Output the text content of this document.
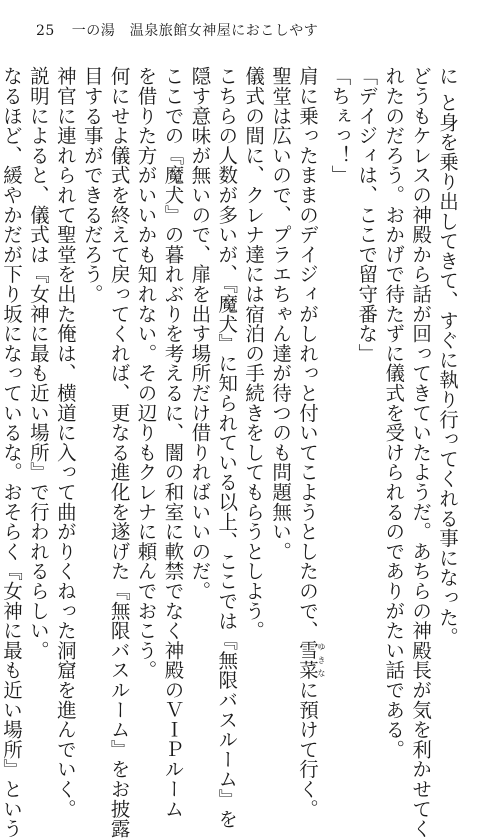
25 一の湯　温泉旅館女神屋におこしやす
に と身を乗り出してきて、すぐに執り行ってくれる事になった。
どうもケレスの神殿から話が回ってきていたようだ。あちらの神殿長が気を利かせてく
れたのだろう。おかげで待たずに儀式を受けられるのでありがたい話である。
「デイジィは、ここで留守番な」
「ちぇっ！」
肩に乗ったままのデイジィがしれっと付いてこようとしたので、雪菜ゆきなに預けて行く。
聖堂は広いので、プラエちゃん達が待つのも問題無い。
儀式の間に、クレナ達には宿泊の手続きをしてもらうとしよう。
こちらの人数が多いが、『魔犬』に知られている以上、ここでは『無限バスルーム』を
隠す意味が無いので、扉を出す場所だけ借りればいいのだ。
ここでの『魔犬』の暮れぶりを考えるに、闇の和室に軟禁でなく神殿のＶＩＰルーム
を借りた方がいいかも知れない。その辺りもクレナに頼んでおこう。
何にせよ儀式を終えて戻ってくれば、更なる進化を遂げた『無限バスルーム』をお披露
目する事ができるだろう。
神官に連れられて聖堂を出た俺は、横道に入って曲がりくねった洞窟を進んでいく。
説明によると、儀式は『女神に最も近い場所』で行われるらしい。
なるほど、緩やかだが下り坂になっているな。おそらく『女神に最も近い場所』という
